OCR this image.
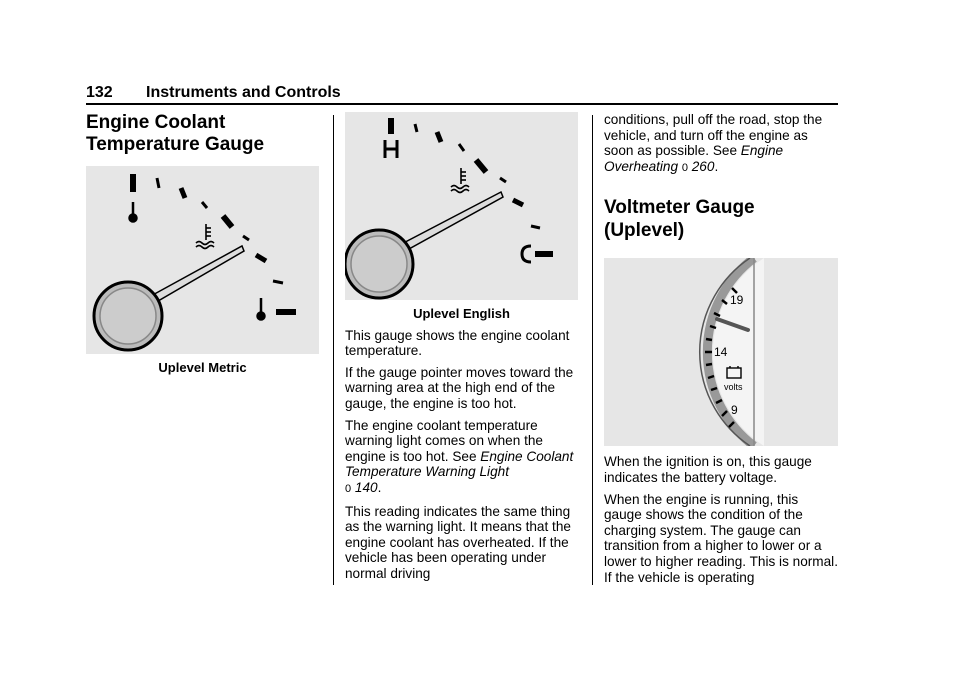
132 Instruments and Controls
Engine Coolant
Temperature Gauge
Uplevel Metric
Uplevel English

This gauge shows the engine coolant temperature.

If the gauge pointer moves toward the warning area at the high end of the gauge, the engine is too hot.

The engine coolant temperature warning light comes on when the engine is too hot. See Engine Coolant Temperature Warning Light
0 140.

This reading indicates the same thing as the warning light. It means that the engine coolant has overheated. If the vehicle has been operating under normal driving

conditions, pull off the road, stop the vehicle, and turn off the engine as soon as possible. See Engine Overheating 0 260.

Voltmeter Gauge
(Uplevel)
19
14
9
volts

When the ignition is on, this gauge indicates the battery voltage.

When the engine is running, this gauge shows the condition of the charging system. The gauge can transition from a higher to lower or a lower to higher reading. This is normal. If the vehicle is operating
